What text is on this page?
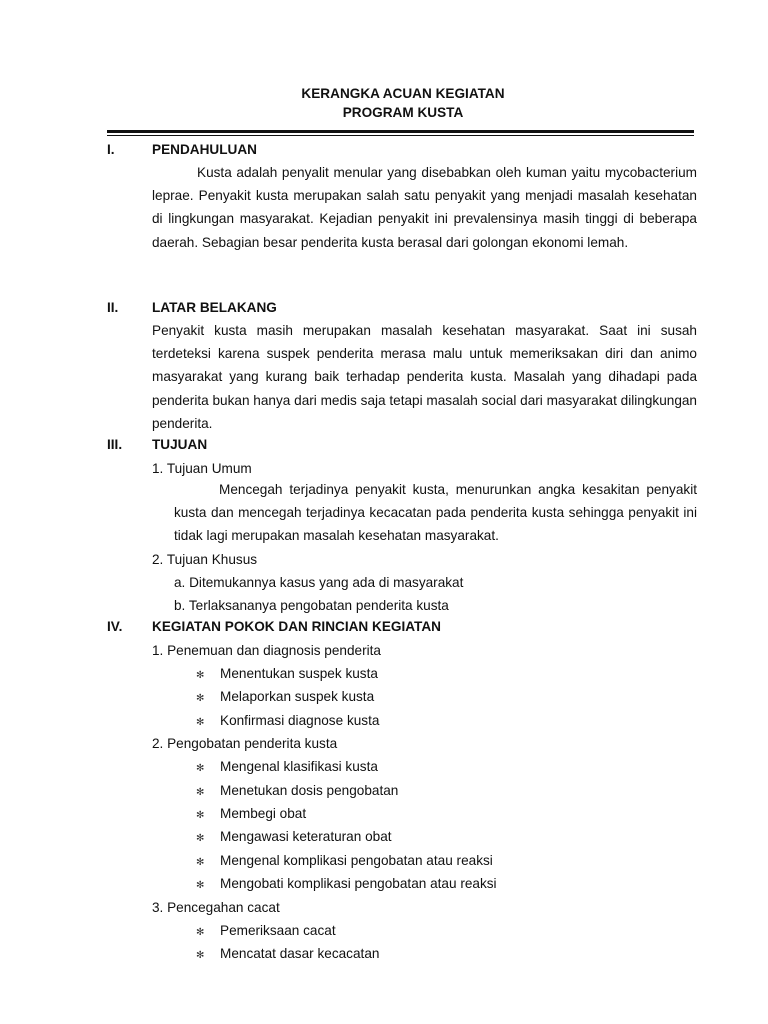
KERANGKA ACUAN KEGIATAN
PROGRAM KUSTA
I.	PENDAHULUAN
Kusta adalah penyalit menular yang disebabkan oleh kuman yaitu mycobacterium leprae. Penyakit kusta merupakan salah satu penyakit yang menjadi masalah kesehatan di lingkungan masyarakat. Kejadian penyakit ini prevalensinya masih tinggi di beberapa daerah. Sebagian besar penderita kusta berasal dari golongan ekonomi lemah.
II. LATAR BELAKANG
Penyakit kusta masih merupakan masalah kesehatan masyarakat. Saat ini susah terdeteksi karena suspek penderita merasa malu untuk memeriksakan diri dan animo masyarakat yang kurang baik terhadap penderita kusta. Masalah yang dihadapi pada penderita bukan hanya dari medis saja tetapi masalah social dari masyarakat dilingkungan penderita.
III. TUJUAN
1. Tujuan Umum
Mencegah terjadinya penyakit kusta, menurunkan angka kesakitan penyakit kusta dan mencegah terjadinya kecacatan pada penderita kusta sehingga penyakit ini tidak lagi merupakan masalah kesehatan masyarakat.
2. Tujuan Khusus
a. Ditemukannya kasus yang ada di masyarakat
b. Terlaksananya pengobatan penderita kusta
IV. KEGIATAN POKOK DAN RINCIAN KEGIATAN
1. Penemuan dan diagnosis penderita
✻ Menentukan suspek kusta
✻ Melaporkan suspek kusta
✻ Konfirmasi diagnose kusta
2. Pengobatan penderita kusta
✻ Mengenal klasifikasi kusta
✻ Menetukan dosis pengobatan
✻ Membegi obat
✻ Mengawasi keteraturan obat
✻ Mengenal komplikasi pengobatan atau reaksi
✻ Mengobati komplikasi pengobatan atau reaksi
3. Pencegahan cacat
✻ Pemeriksaan cacat
✻ Mencatat dasar kecacatan
